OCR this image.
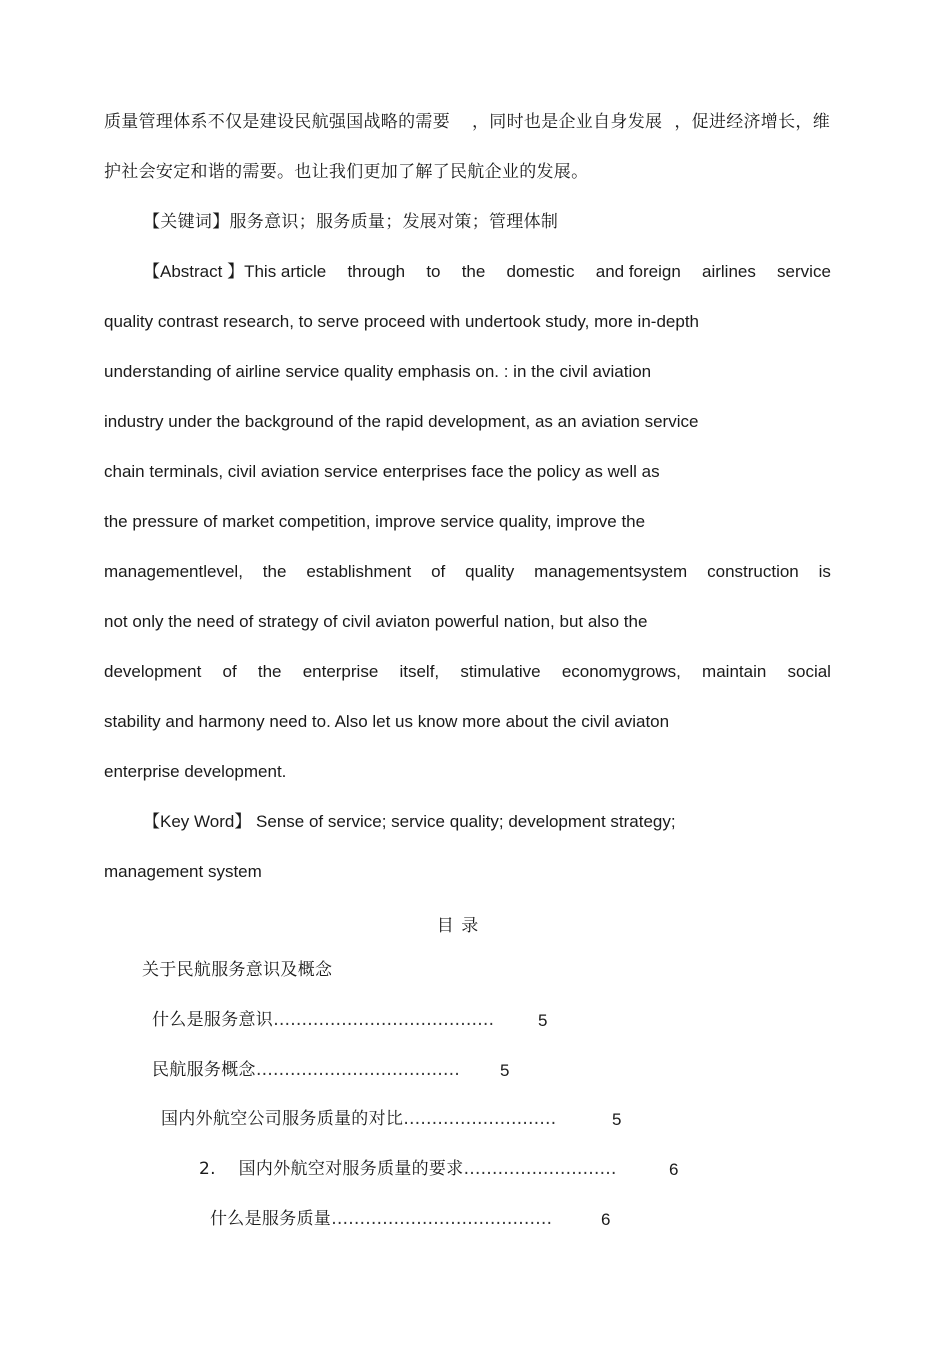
质量管理体系不仅是建设民航强国战略的需要 ，同时也是企业自身发展 ，促进经济增长，维
护社会安定和谐的需要。也让我们更加了解了民航企业的发展。
【关键词】服务意识；服务质量；发展对策；管理体制
【Abstract 】This article through to the domestic and foreign airlines service
quality contrast research, to serve proceed with undertook study, more in-depth
understanding of airline service quality emphasis on. : in the civil aviation
industry under the background of the rapid development, as an aviation service
chain terminals, civil aviation service enterprises face the policy as well as
the pressure of market competition, improve service quality, improve the
managementlevel, the establishment of quality managementsystem construction is
not only the need of strategy of civil aviaton powerful nation, but also the
development of the enterprise itself, stimulative economygrows, maintain social
stability and harmony need to. Also let us know more about the civil aviaton
enterprise development.
【Key Word】 Sense of service; service quality; development strategy;
management system
目 录
关于民航服务意识及概念
什么是服务意识…………………………………	5
民航服务概念……………………………… 5
国内外航空公司服务质量的对比………………………	5
2.    国内外航空对服务质量的要求………………………	6
什么是服务质量…………………………………	6
